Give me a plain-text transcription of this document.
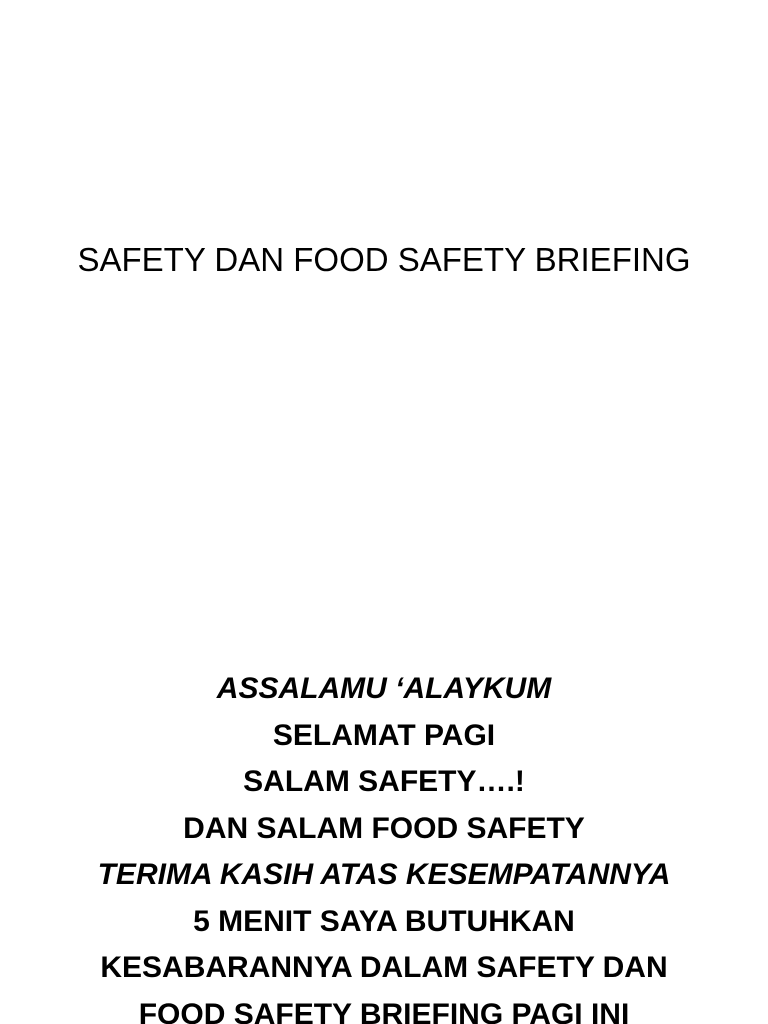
SAFETY DAN FOOD SAFETY BRIEFING
ASSALAMU ‘ALAYKUM
SELAMAT PAGI
SALAM SAFETY….!
DAN SALAM FOOD SAFETY
TERIMA KASIH ATAS KESEMPATANNYA
5 MENIT SAYA BUTUHKAN
KESABARANNYA DALAM SAFETY DAN
FOOD SAFETY BRIEFING PAGI INI
